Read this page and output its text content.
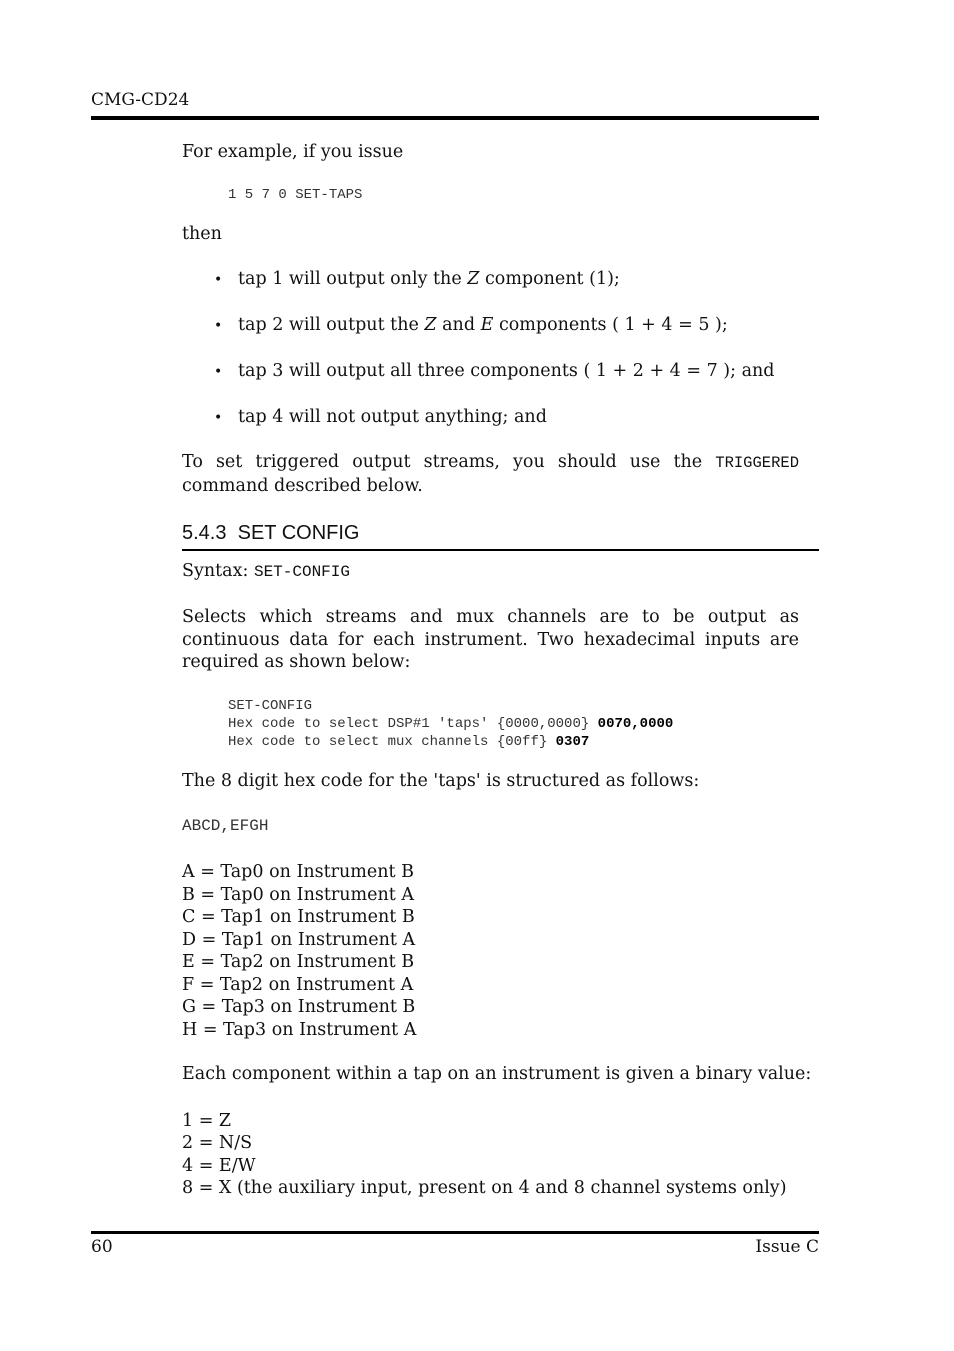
CMG-CD24
For example, if you issue
1 5 7 0 SET-TAPS
then
• tap 1 will output only the Z component (1);
• tap 2 will output the Z and E components ( 1 + 4 = 5 );
• tap 3 will output all three components ( 1 + 2 + 4 = 7 ); and
• tap 4 will not output anything; and
To set triggered output streams, you should use the TRIGGERED
command described below.
5.4.3 SET CONFIG
Syntax: SET-CONFIG
Selects which streams and mux channels are to be output as
continuous data for each instrument. Two hexadecimal inputs are
required as shown below:
SET-CONFIG
Hex code to select DSP#1 'taps' {0000,0000} 0070,0000
Hex code to select mux channels {00ff} 0307
The 8 digit hex code for the 'taps' is structured as follows:
ABCD,EFGH
A = Tap0 on Instrument B
B = Tap0 on Instrument A
C = Tap1 on Instrument B
D = Tap1 on Instrument A
E = Tap2 on Instrument B
F = Tap2 on Instrument A
G = Tap3 on Instrument B
H = Tap3 on Instrument A
Each component within a tap on an instrument is given a binary value:
1 = Z
2 = N/S
4 = E/W
8 = X (the auxiliary input, present on 4 and 8 channel systems only)
60	Issue C
